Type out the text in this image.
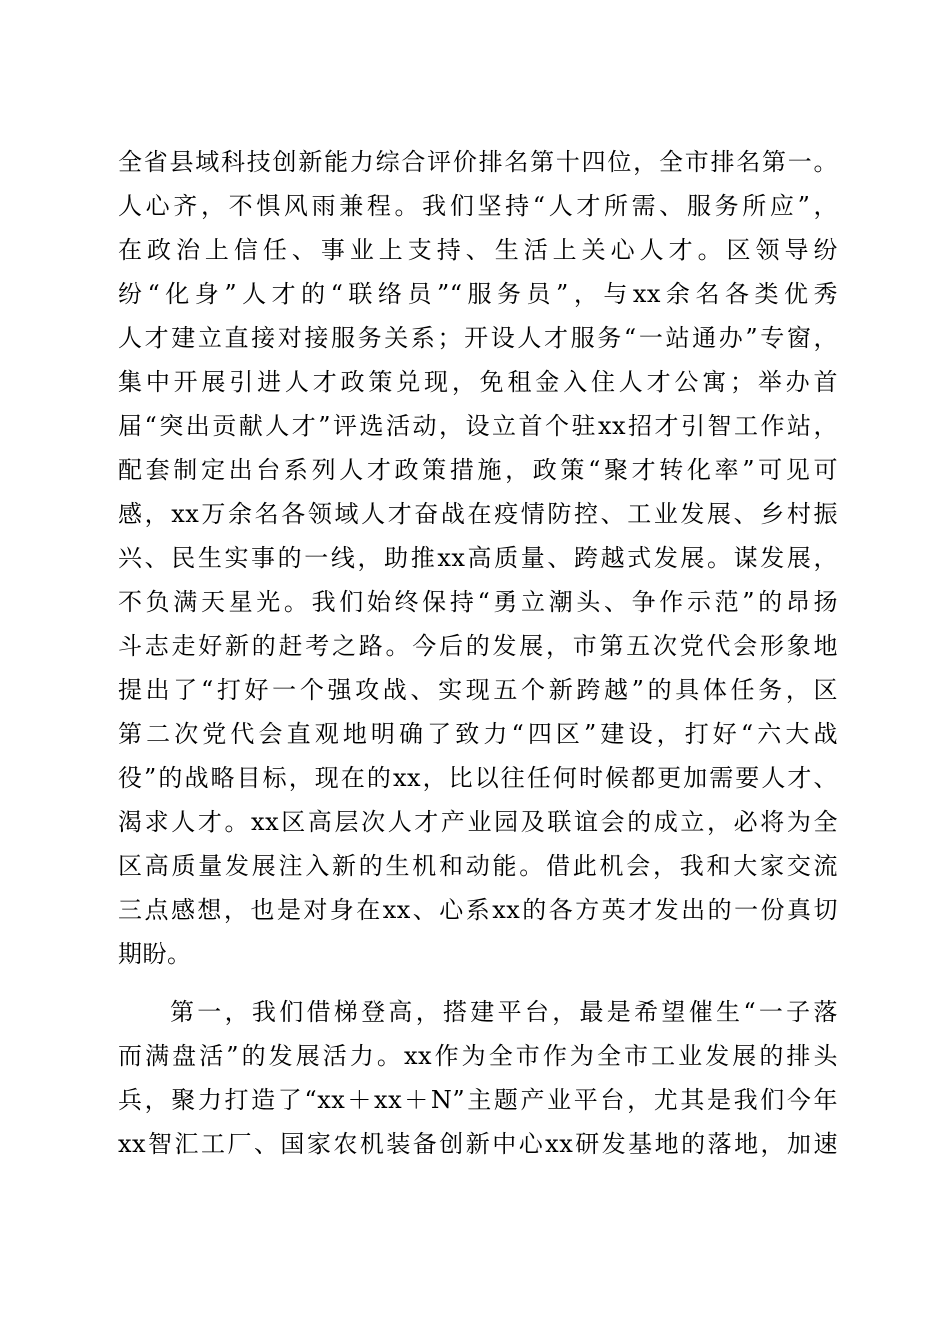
全省县域科技创新能力综合评价排名第十四位，全市排名第一。
人心齐，不惧风雨兼程。我们坚持“人才所需、服务所应”，
在政治上信任、事业上支持、生活上关心人才。区领导纷
纷“化身”人才的“联络员”“服务员”，与xx余名各类优秀
人才建立直接对接服务关系；开设人才服务“一站通办”专窗，
集中开展引进人才政策兑现，免租金入住人才公寓；举办首
届“突出贡献人才”评选活动，设立首个驻xx招才引智工作站，
配套制定出台系列人才政策措施，政策“聚才转化率”可见可
感，xx万余名各领域人才奋战在疫情防控、工业发展、乡村振
兴、民生实事的一线，助推xx高质量、跨越式发展。谋发展，
不负满天星光。我们始终保持“勇立潮头、争作示范”的昂扬
斗志走好新的赶考之路。今后的发展，市第五次党代会形象地
提出了“打好一个强攻战、实现五个新跨越”的具体任务，区
第二次党代会直观地明确了致力“四区”建设，打好“六大战
役”的战略目标，现在的xx，比以往任何时候都更加需要人才、
渴求人才。xx区高层次人才产业园及联谊会的成立，必将为全
区高质量发展注入新的生机和动能。借此机会，我和大家交流
三点感想，也是对身在xx、心系xx的各方英才发出的一份真切
期盼。
第一，我们借梯登高，搭建平台，最是希望催生“一子落
而满盘活”的发展活力。xx作为全市作为全市工业发展的排头
兵，聚力打造了“xx＋xx＋N”主题产业平台，尤其是我们今年
xx智汇工厂、国家农机装备创新中心xx研发基地的落地，加速
